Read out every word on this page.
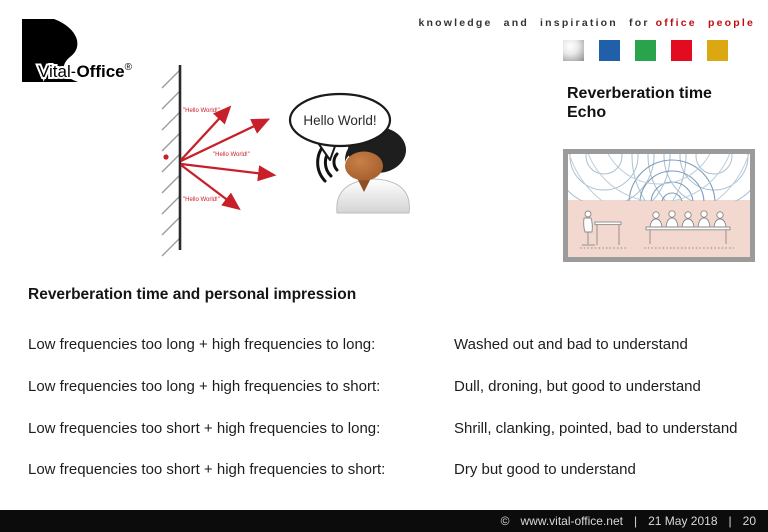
Vital-Office®
knowledge and inspiration for office people
Reverberation time
Echo
"Hello World!"
"Hello World!"
"Hello World!"
Hello World!
Reverberation time and personal impression
Low frequencies too long + high frequencies to long:	Washed out and bad to understand
Low frequencies too long + high frequencies to short:	Dull, droning, but good to understand
Low frequencies too short + high frequencies to long:	Shrill, clanking, pointed, bad to understand
Low frequencies too short + high frequencies to short:	Dry but good to understand
© www.vital-office.net | 21 May 2018 | 20
